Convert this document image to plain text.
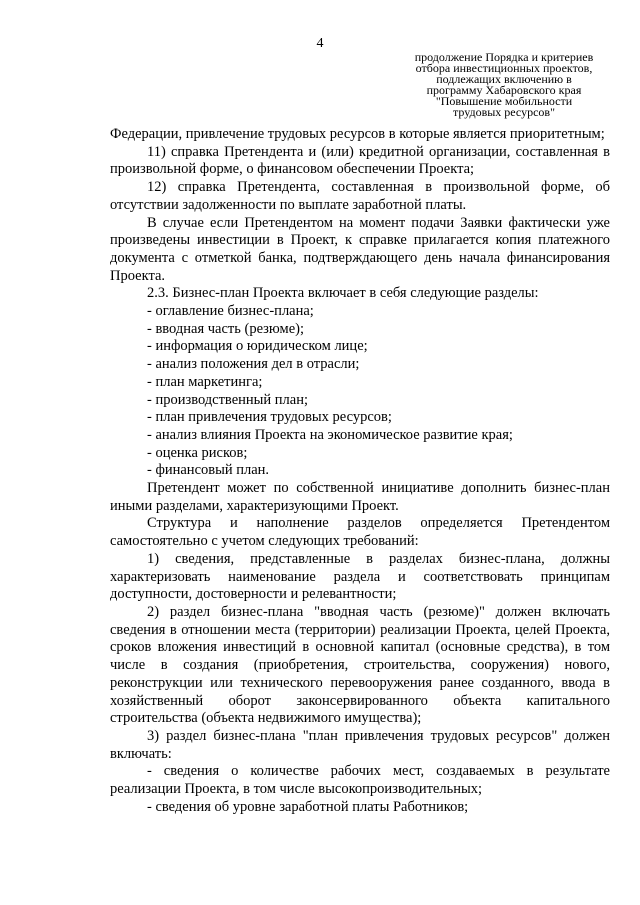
4
продолжение Порядка и критериев
отбора инвестиционных проектов,
подлежащих включению в
программу Хабаровского края
"Повышение мобильности
трудовых ресурсов"

Федерации, привлечение трудовых ресурсов в которые является приоритетным;

11) справка Претендента и (или) кредитной организации, составленная в произвольной форме, о финансовом обеспечении Проекта;

12) справка Претендента, составленная в произвольной форме, об отсутствии задолженности по выплате заработной платы.

В случае если Претендентом на момент подачи Заявки фактически уже произведены инвестиции в Проект, к справке прилагается копия платежного документа с отметкой банка, подтверждающего день начала финансирования Проекта.

2.3. Бизнес-план Проекта включает в себя следующие разделы:

- оглавление бизнес-плана;

- вводная часть (резюме);

- информация о юридическом лице;

- анализ положения дел в отрасли;

- план маркетинга;

- производственный план;

- план привлечения трудовых ресурсов;

- анализ влияния Проекта на экономическое развитие края;

- оценка рисков;

- финансовый план.

Претендент может по собственной инициативе дополнить бизнес-план иными разделами, характеризующими Проект.

Структура и наполнение разделов определяется Претендентом самостоятельно с учетом следующих требований:

1) сведения, представленные в разделах бизнес-плана, должны характеризовать наименование раздела и соответствовать принципам доступности, достоверности и релевантности;

2) раздел бизнес-плана "вводная часть (резюме)" должен включать сведения в отношении места (территории) реализации Проекта, целей Проекта, сроков вложения инвестиций в основной капитал (основные средства), в том числе в создания (приобретения, строительства, сооружения) нового, реконструкции или технического перевооружения ранее созданного, ввода в хозяйственный оборот законсервированного объекта капитального строительства (объекта недвижимого имущества);

3) раздел бизнес-плана "план привлечения трудовых ресурсов" должен включать:

- сведения о количестве рабочих мест, создаваемых в результате реализации Проекта, в том числе высокопроизводительных;

- сведения об уровне заработной платы Работников;
